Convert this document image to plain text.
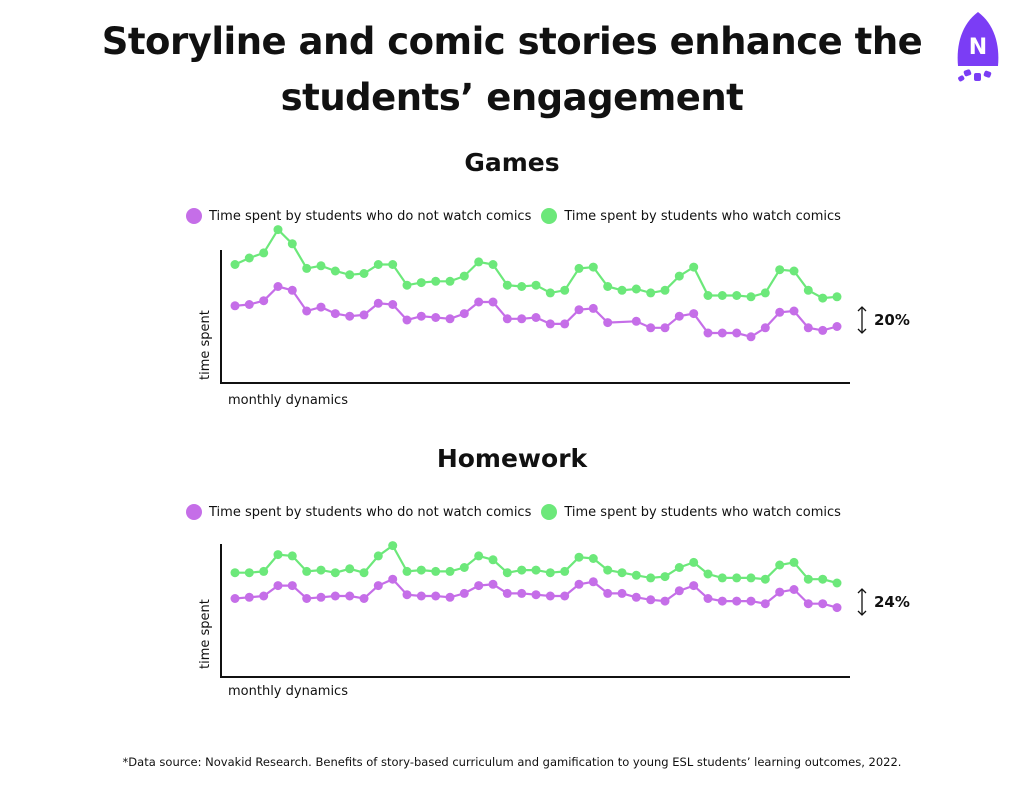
Storyline and comic stories enhance the students’ engagement
N
Games
Time spent by students who do not watch comics	Time spent by students who watch comics
time spent
monthly dynamics
20%
Homework
Time spent by students who do not watch comics	Time spent by students who watch comics
time spent
monthly dynamics
24%
*Data source: Novakid Research. Benefits of story-based curriculum and gamification to young ESL students’ learning outcomes, 2022.
